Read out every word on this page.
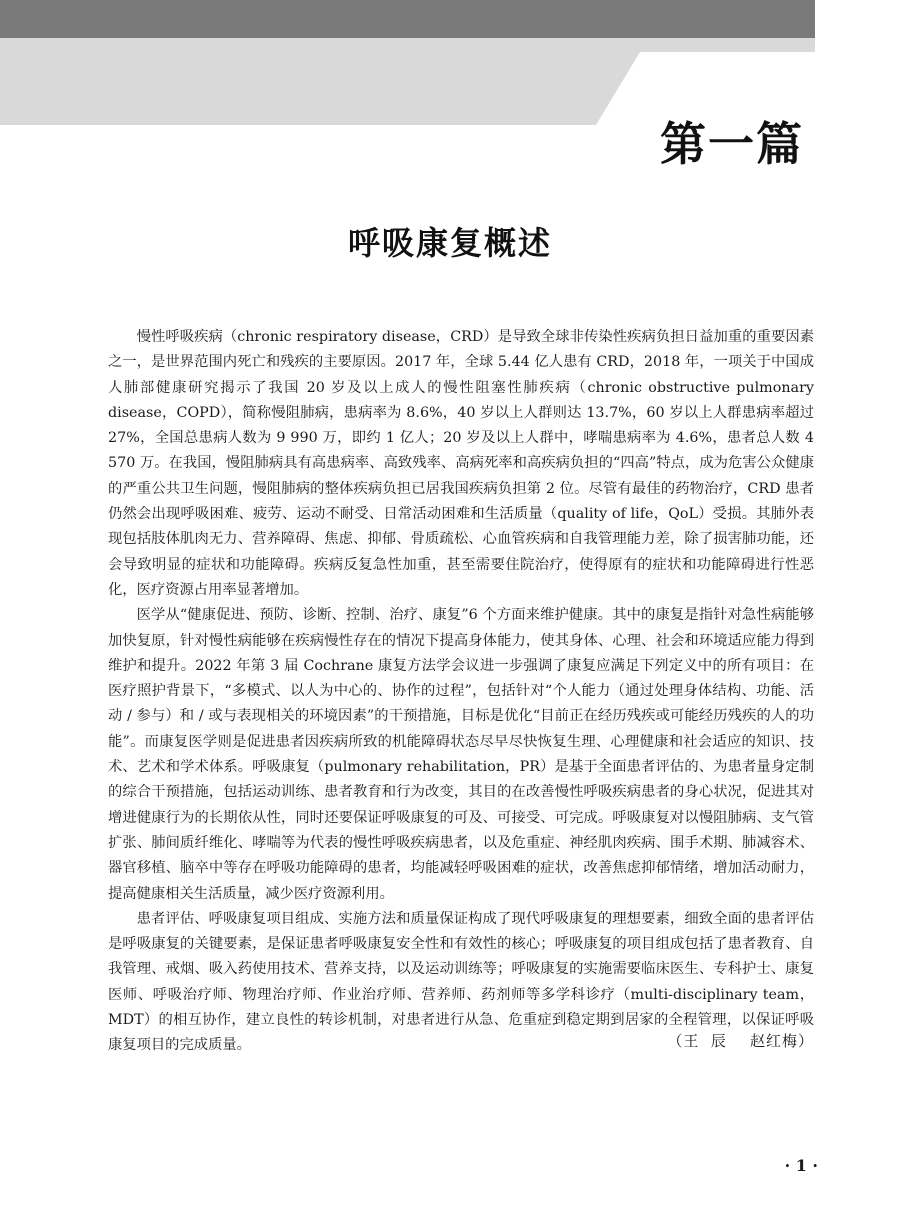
第一篇
呼吸康复概述

慢性呼吸疾病（chronic respiratory disease，CRD）是导致全球非传染性疾病负担日益加重的重要因素之一，是世界范围内死亡和残疾的主要原因。2017 年，全球 5.44 亿人患有 CRD，2018 年，一项关于中国成人肺部健康研究揭示了我国 20 岁及以上成人的慢性阻塞性肺疾病（chronic obstructive pulmonary disease，COPD），简称慢阻肺病，患病率为 8.6%，40 岁以上人群则达 13.7%，60 岁以上人群患病率超过 27%，全国总患病人数为 9 990 万，即约 1 亿人；20 岁及以上人群中，哮喘患病率为 4.6%，患者总人数 4 570 万。在我国，慢阻肺病具有高患病率、高致残率、高病死率和高疾病负担的“四高”特点，成为危害公众健康的严重公共卫生问题，慢阻肺病的整体疾病负担已居我国疾病负担第 2 位。尽管有最佳的药物治疗，CRD 患者仍然会出现呼吸困难、疲劳、运动不耐受、日常活动困难和生活质量（quality of life，QoL）受损。其肺外表现包括肢体肌肉无力、营养障碍、焦虑、抑郁、骨质疏松、心血管疾病和自我管理能力差，除了损害肺功能，还会导致明显的症状和功能障碍。疾病反复急性加重，甚至需要住院治疗，使得原有的症状和功能障碍进行性恶化，医疗资源占用率显著增加。

医学从“健康促进、预防、诊断、控制、治疗、康复”6 个方面来维护健康。其中的康复是指针对急性病能够加快复原，针对慢性病能够在疾病慢性存在的情况下提高身体能力，使其身体、心理、社会和环境适应能力得到维护和提升。2022 年第 3 届 Cochrane 康复方法学会议进一步强调了康复应满足下列定义中的所有项目：在医疗照护背景下，“多模式、以人为中心的、协作的过程”，包括针对“个人能力（通过处理身体结构、功能、活动 / 参与）和 / 或与表现相关的环境因素”的干预措施，目标是优化“目前正在经历残疾或可能经历残疾的人的功能”。而康复医学则是促进患者因疾病所致的机能障碍状态尽早尽快恢复生理、心理健康和社会适应的知识、技术、艺术和学术体系。呼吸康复（pulmonary rehabilitation，PR）是基于全面患者评估的、为患者量身定制的综合干预措施，包括运动训练、患者教育和行为改变，其目的在改善慢性呼吸疾病患者的身心状况，促进其对增进健康行为的长期依从性，同时还要保证呼吸康复的可及、可接受、可完成。呼吸康复对以慢阻肺病、支气管扩张、肺间质纤维化、哮喘等为代表的慢性呼吸疾病患者，以及危重症、神经肌肉疾病、围手术期、肺减容术、器官移植、脑卒中等存在呼吸功能障碍的患者，均能减轻呼吸困难的症状，改善焦虑抑郁情绪，增加活动耐力，提高健康相关生活质量，减少医疗资源利用。

患者评估、呼吸康复项目组成、实施方法和质量保证构成了现代呼吸康复的理想要素，细致全面的患者评估是呼吸康复的关键要素，是保证患者呼吸康复安全性和有效性的核心；呼吸康复的项目组成包括了患者教育、自我管理、戒烟、吸入药使用技术、营养支持，以及运动训练等；呼吸康复的实施需要临床医生、专科护士、康复医师、呼吸治疗师、物理治疗师、作业治疗师、营养师、药剂师等多学科诊疗（multi-disciplinary team，MDT）的相互协作，建立良性的转诊机制，对患者进行从急、危重症到稳定期到居家的全程管理，以保证呼吸康复项目的完成质量。	（王  辰    赵红梅）
· 1 ·
